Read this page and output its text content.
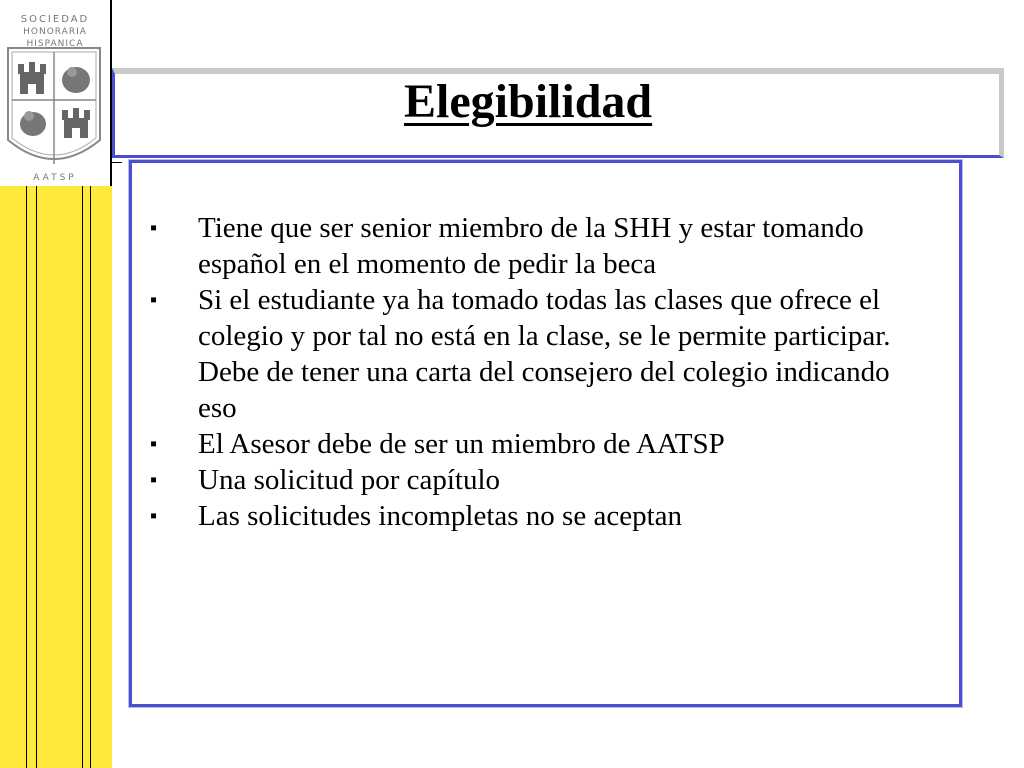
SOCIEDAD
HONORARIA
HISPANICA
AATSP
Elegibilidad
▪ Tiene que ser senior miembro de la SHH y estar tomando español en el momento de pedir la beca
▪ Si el estudiante ya ha tomado todas las clases que ofrece el colegio y por tal no está en la clase, se le permite participar. Debe de tener una carta del consejero del colegio indicando eso
▪ El Asesor debe de ser un miembro de AATSP
▪ Una solicitud por capítulo
▪ Las solicitudes incompletas no se aceptan
